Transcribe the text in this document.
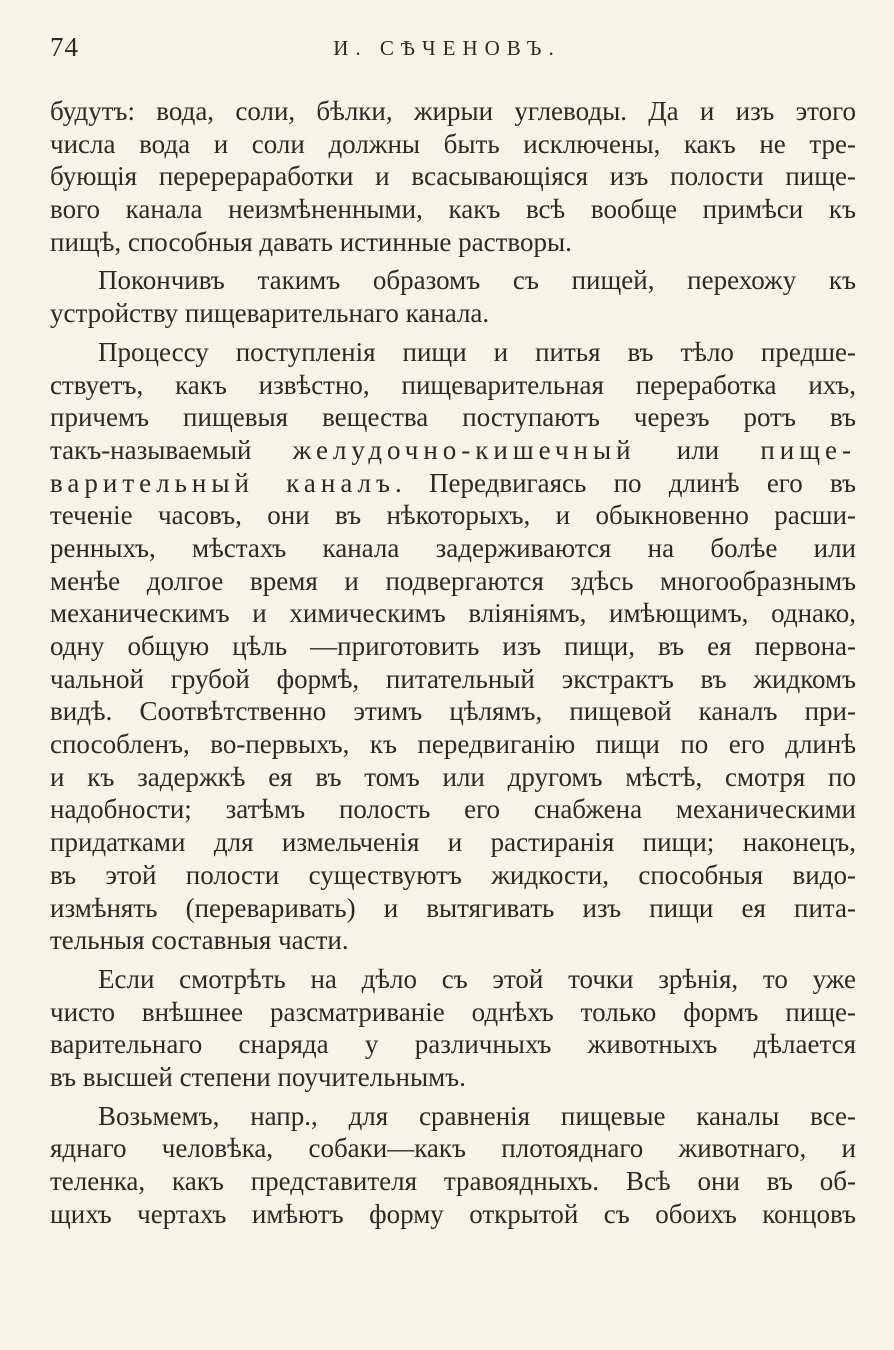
74	И. СѢЧЕНОВЪ.
будутъ: вода, соли, бѣлки, жирыи углеводы. Да и изъ этого
числа вода и соли должны быть исключены, какъ не тре-
бующія перерераработки и всасывающіяся изъ полости пище-
вого канала неизмѣненными, какъ всѣ вообще примѣси къ
пищѣ, способныя давать истинные растворы.
Покончивъ такимъ образомъ съ пищей, перехожу къ
устройству пищеварительнаго канала.
Процессу поступленія пищи и питья въ тѣло предше-
ствуетъ, какъ извѣстно, пищеварительная переработка ихъ,
причемъ пищевыя вещества поступаютъ черезъ ротъ въ
такъ-называемый желудочно-кишечный или пище-
варительный каналъ. Передвигаясь по длинѣ его въ
теченіе часовъ, они въ нѣкоторыхъ, и обыкновенно расши-
ренныхъ, мѣстахъ канала задерживаются на болѣе или
менѣе долгое время и подвергаются здѣсь многообразнымъ
механическимъ и химическимъ вліяніямъ, имѣющимъ, однако,
одну общую цѣль —приготовить изъ пищи, въ ея первона-
чальной грубой формѣ, питательный экстрактъ въ жидкомъ
видѣ. Соотвѣтственно этимъ цѣлямъ, пищевой каналъ при-
способленъ, во-первыхъ, къ передвиганію пищи по его длинѣ
и къ задержкѣ ея въ томъ или другомъ мѣстѣ, смотря по
надобности; затѣмъ полость его снабжена механическими
придатками для измельченія и растиранія пищи; наконецъ,
въ этой полости существуютъ жидкости, способныя видо-
измѣнять (переваривать) и вытягивать изъ пищи ея пита-
тельныя составныя части.
Если смотрѣть на дѣло съ этой точки зрѣнія, то уже
чисто внѣшнее разсматриваніе однѣхъ только формъ пище-
варительнаго снаряда у различныхъ животныхъ дѣлается
въ высшей степени поучительнымъ.
Возьмемъ, напр., для сравненія пищевые каналы все-
яднаго человѣка, собаки—какъ плотояднаго животнаго, и
теленка, какъ представителя травоядныхъ. Всѣ они въ об-
щихъ чертахъ имѣютъ форму открытой съ обоихъ концовъ
